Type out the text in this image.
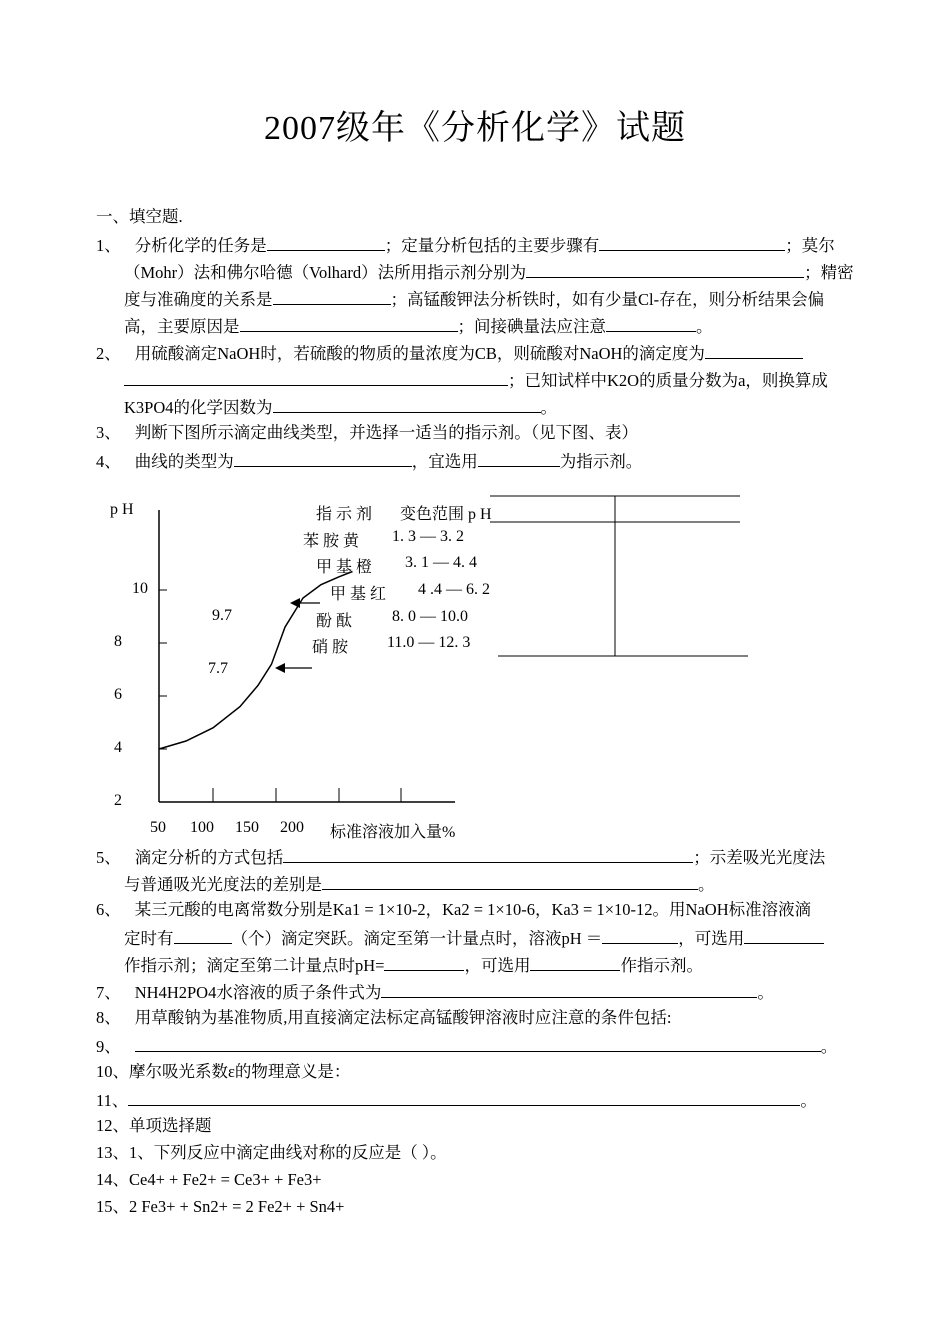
2007级年《分析化学》试题
一、填空题.
1、 分析化学的任务是	；定量分析包括的主要步骤有	；莫尔
（Mohr）法和佛尔哈德（Volhard）法所用指示剂分别为	；精密
度与准确度的关系是	；高锰酸钾法分析铁时，如有少量Cl-存在，则分析结果会偏
高，主要原因是	；间接碘量法应注意	。
2、 用硫酸滴定NaOH时，若硫酸的物质的量浓度为CB，则硫酸对NaOH的滴定度为
；已知试样中K2O的质量分数为a，则换算成
K3PO4的化学因数为	。
3、 判断下图所示滴定曲线类型，并选择一适当的指示剂。（见下图、表）
4、 曲线的类型为	，宜选用	为指示剂。
p H
10
8
6
4
2
9.7
7.7
50 100 150 200 标准溶液加入量%
指 示 剂 变色范围 p H
苯 胺 黄 1. 3 — 3. 2
甲 基 橙 3. 1 — 4. 4
甲 基 红 4 .4 — 6. 2
酚 酞 8. 0 — 10.0
硝 胺 11.0 — 12. 3
5、 滴定分析的方式包括	；示差吸光光度法
与普通吸光光度法的差别是	。
6、 某三元酸的电离常数分别是Ka1 = 1×10-2，Ka2 = 1×10-6，Ka3 = 1×10-12。用NaOH标准溶液滴
定时有	（个）滴定突跃。滴定至第一计量点时，溶液pH ＝	，可选用
作指示剂；滴定至第二计量点时pH=	，可选用	作指示剂。
7、 NH4H2PO4水溶液的质子条件式为	。
8、 用草酸钠为基准物质,用直接滴定法标定高锰酸钾溶液时应注意的条件包括:
9、	。
10、摩尔吸光系数ε的物理意义是：
11、	。
12、单项选择题
13、1、下列反应中滴定曲线对称的反应是（ ）。
14、Ce4+ + Fe2+ = Ce3+ + Fe3+
15、2 Fe3+ + Sn2+ = 2 Fe2+ + Sn4+
